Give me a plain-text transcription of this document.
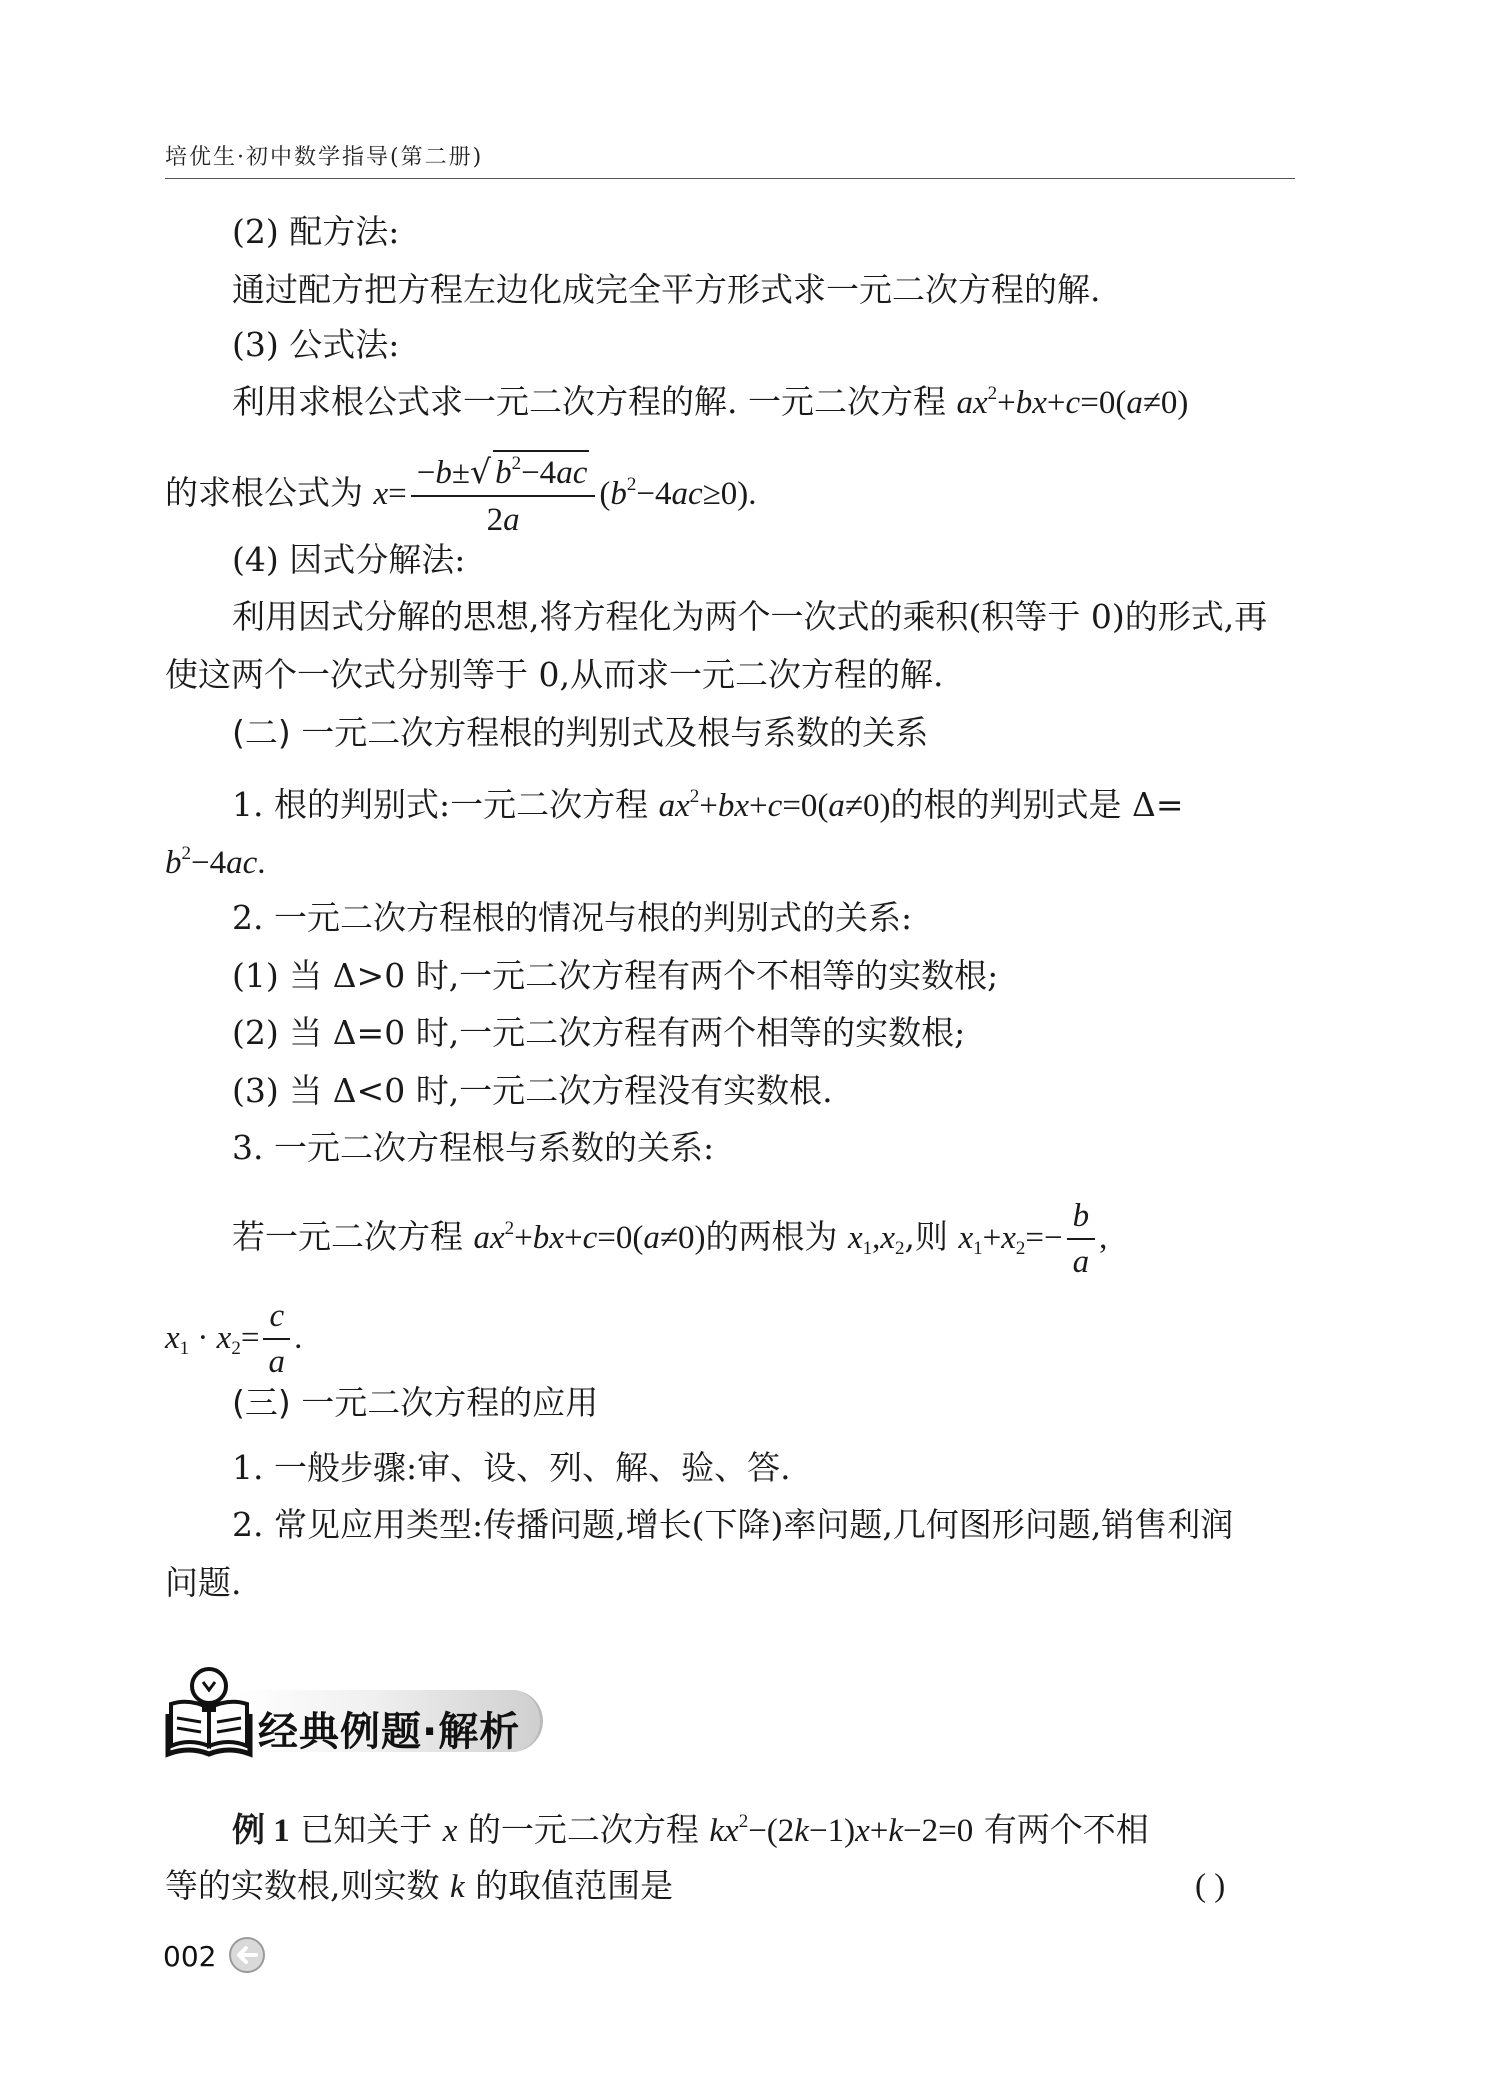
培优生·初中数学指导(第二册)
(2) 配方法:
通过配方把方程左边化成完全平方形式求一元二次方程的解.
(3) 公式法:
利用求根公式求一元二次方程的解. 一元二次方程 $ax^2+bx+c=0(a\ne 0)$
的求根公式为 $x= \frac{-b\pm√ b^2-4ac}{2a} (b^2-4ac\ge 0)$.
(4) 因式分解法:
利用因式分解的思想,将方程化为两个一次式的乘积(积等于 0)的形式,再
使这两个一次式分别等于 0,从而求一元二次方程的解.
(二) 一元二次方程根的判别式及根与系数的关系
1. 根的判别式:一元二次方程 $ax^2+bx+c=0(a\ne 0)$的根的判别式是 Δ=
$b^2-4ac$.
2. 一元二次方程根的情况与根的判别式的关系:
(1) 当 Δ>0 时,一元二次方程有两个不相等的实数根;
(2) 当 Δ=0 时,一元二次方程有两个相等的实数根;
(3) 当 Δ<0 时,一元二次方程没有实数根.
3. 一元二次方程根与系数的关系:
若一元二次方程 $ax^2+bx+c=0(a\ne 0)$的两根为 $x_1,x_2$,则 $x_1+x_2=- \frac{b}{a}$ ,
$x_1 \cdot x_2= \frac{c}{a}$ .
(三) 一元二次方程的应用
1. 一般步骤:审、设、列、解、验、答.
2. 常见应用类型:传播问题,增长(下降)率问题,几何图形问题,销售利润
问题.
经典例题·解析
例 1 已知关于 x 的一元二次方程 $kx^2-(2k-1)x+k-2=0$ 有两个不相
等的实数根,则实数 k 的取值范围是	( )
002
